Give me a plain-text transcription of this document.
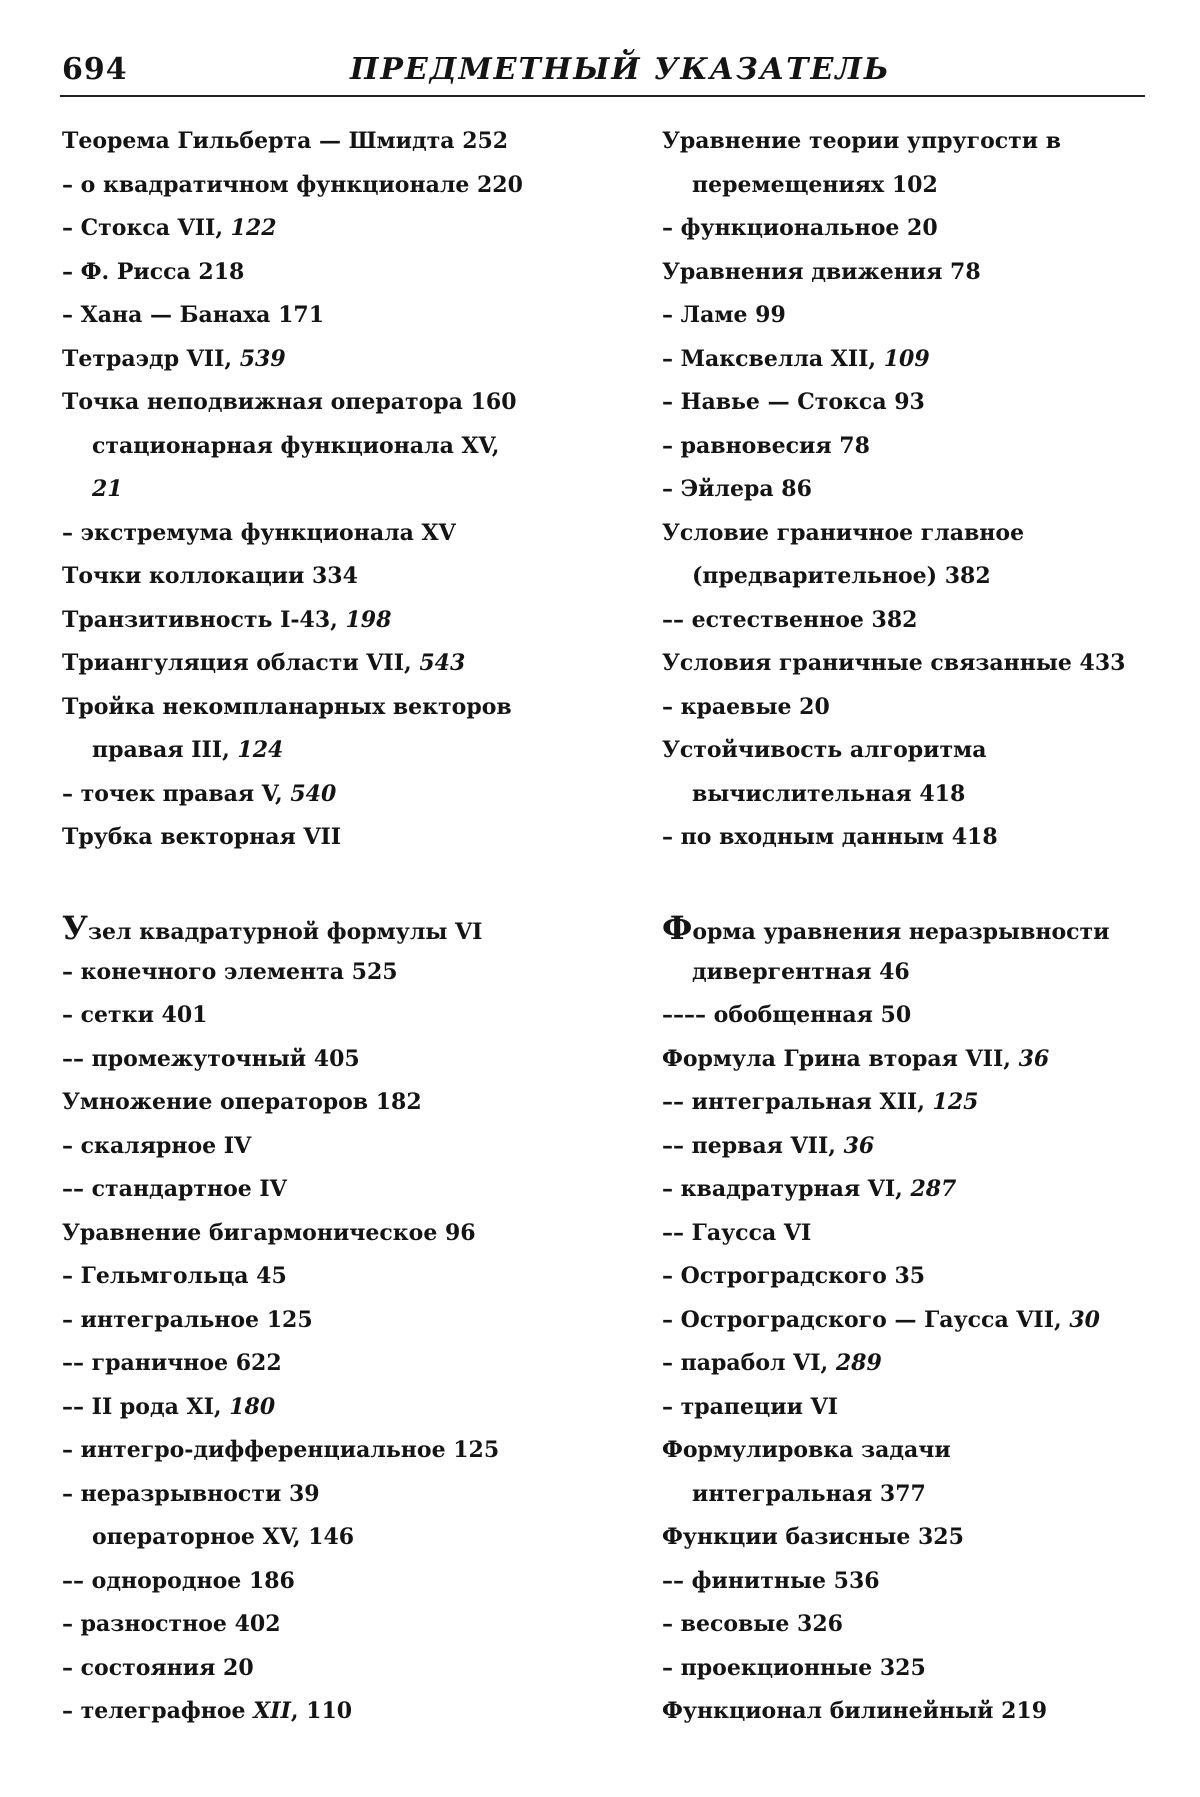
694	ПРЕДМЕТНЫЙ УКАЗАТЕЛЬ
Теорема Гильберта — Шмидта 252
– о квадратичном функционале 220
– Стокса VII, 122
– Ф. Рисса 218
– Хана — Банаха 171
Тетраэдр VII, 539
Точка неподвижная оператора 160
стационарная функционала XV,
21
– экстремума функционала XV
Точки коллокации 334
Транзитивность I-43, 198
Триангуляция области VII, 543
Тройка некомпланарных векторов
правая III, 124
– точек правая V, 540
Трубка векторная VII
Узел квадратурной формулы VI
– конечного элемента 525
– сетки 401
–– промежуточный 405
Умножение операторов 182
– скалярное IV
–– стандартное IV
Уравнение бигармоническое 96
– Гельмгольца 45
– интегральное 125
–– граничное 622
–– II рода XI, 180
– интегро-дифференциальное 125
– неразрывности 39
операторное XV, 146
–– однородное 186
– разностное 402
– состояния 20
– телеграфное XII, 110
Уравнение теории упругости в
перемещениях 102
– функциональное 20
Уравнения движения 78
– Ламе 99
– Максвелла XII, 109
– Навье — Стокса 93
– равновесия 78
– Эйлера 86
Условие граничное главное
(предварительное) 382
–– естественное 382
Условия граничные связанные 433
– краевые 20
Устойчивость алгоритма
вычислительная 418
– по входным данным 418
Форма уравнения неразрывности
дивергентная 46
–––– обобщенная 50
Формула Грина вторая VII, 36
–– интегральная XII, 125
–– первая VII, 36
– квадратурная VI, 287
–– Гаусса VI
– Остроградского 35
– Остроградского — Гаусса VII, 30
– парабол VI, 289
– трапеции VI
Формулировка задачи
интегральная 377
Функции базисные 325
–– финитные 536
– весовые 326
– проекционные 325
Функционал билинейный 219
